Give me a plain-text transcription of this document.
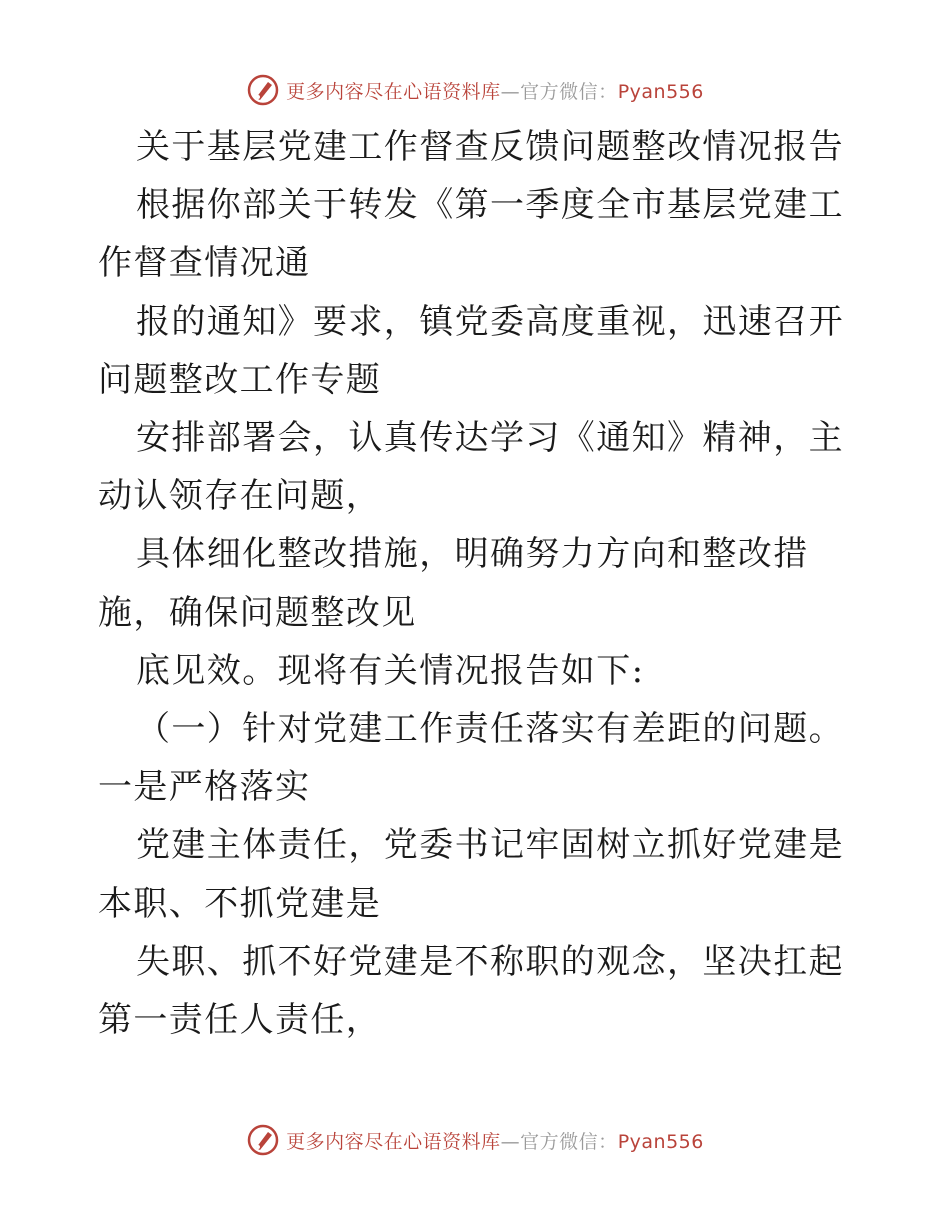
更多内容尽在心语资料库—官方微信：Pyan556

关于基层党建工作督查反馈问题整改情况报告

根据你部关于转发《第一季度全市基层党建工作督查情况通

报的通知》要求，镇党委高度重视，迅速召开问题整改工作专题

安排部署会，认真传达学习《通知》精神，主动认领存在问题，

具体细化整改措施，明确努力方向和整改措施，确保问题整改见

底见效。现将有关情况报告如下:

（一）针对党建工作责任落实有差距的问题。一是严格落实

党建主体责任，党委书记牢固树立抓好党建是本职、不抓党建是

失职、抓不好党建是不称职的观念，坚决扛起第一责任人责任，

更多内容尽在心语资料库—官方微信：Pyan556
